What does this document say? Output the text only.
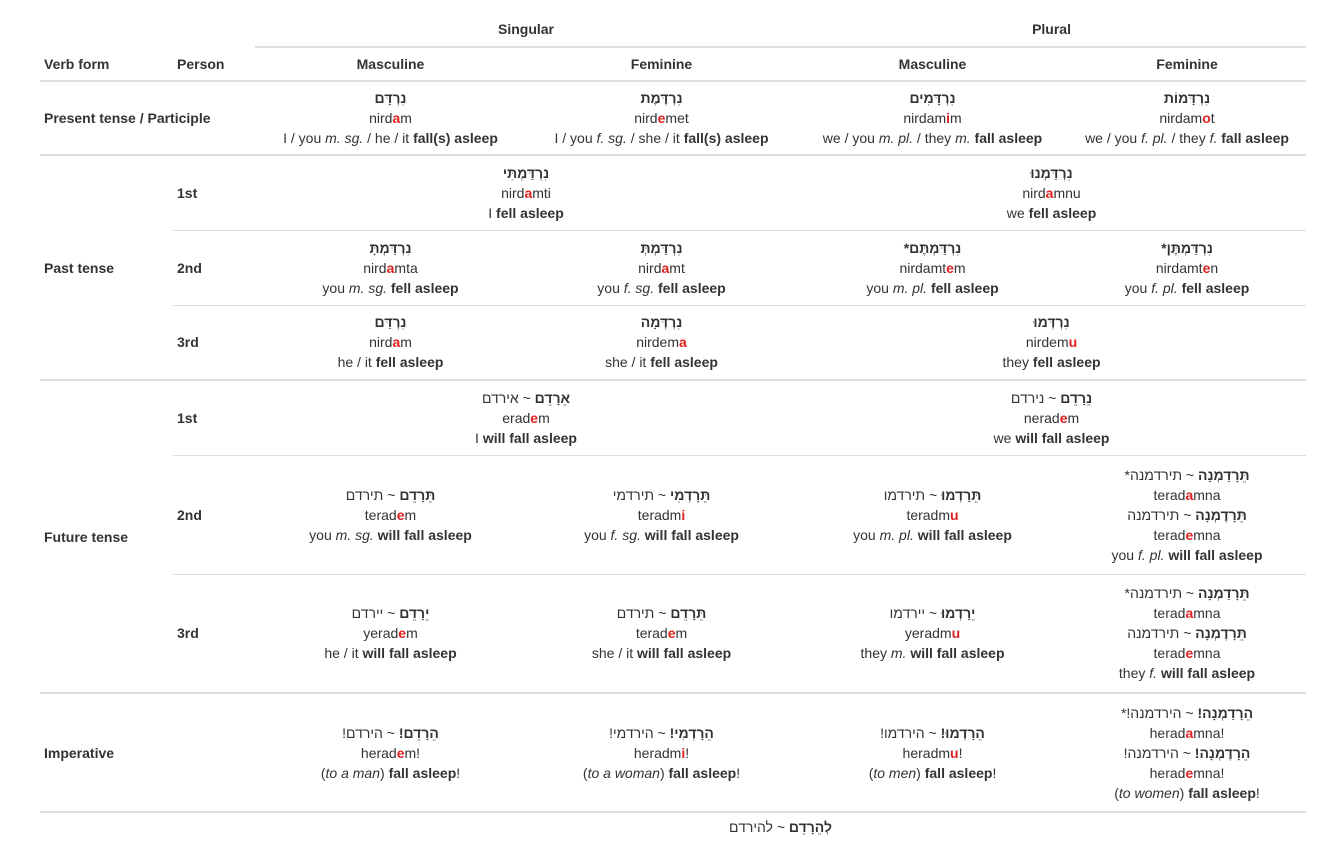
		Singular		Plural	
Verb form	Person	Masculine	Feminine	Masculine	Feminine
Present tense / Participle		נִרְדָּם
nirdam
I / you m. sg. / he / it fall(s) asleep	נִרְדֶּמֶת
nirdemet
I / you f. sg. / she / it fall(s) asleep	נִרְדָּמִים
nirdamim
we / you m. pl. / they m. fall asleep	נִרְדָּמוֹת
nirdamot
we / you f. pl. / they f. fall asleep

Past tense	1st	נִרְדַּמְתִּי
nirdamti
I fell asleep		נִרְדַּמְנוּ
nirdamnu
we fell asleep	

	2nd	נִרְדַּמְתָּ
nirdamta
you m. sg. fell asleep	נִרְדַּמְתְּ
nirdamt
you f. sg. fell asleep	נִרְדַּמְתֶּם*
nirdamtem
you m. pl. fell asleep	נִרְדַּמְתֶּן*
nirdamten
you f. pl. fell asleep

	3rd	נִרְדַּם
nirdam
he / it fell asleep	נִרְדְּמָה
nirdema
she / it fell asleep	נִרְדְּמוּ
nirdemu
they fell asleep	

Future tense	1st	אֵרָדֵם ~ אירדם
eradem
I will fall asleep		נֵרָדֵם ~ נירדם
neradem
we will fall asleep	

	2nd	תֵּרָדֵם ~ תירדם
teradem
you m. sg. will fall asleep	תֵּרָדְמִי ~ תירדמי
teradmi
you f. sg. will fall asleep	תֵּרָדְמוּ ~ תירדמו
teradmu
you m. pl. will fall asleep	תֵּרָדַמְנָה ~ תירדמנה*
teradamna
תֵּרָדֶמְנָה ~ תירדמנה
terademna
you f. pl. will fall asleep

	3rd	יֵרָדֵם ~ יירדם
yeradem
he / it will fall asleep	תֵּרָדֵם ~ תירדם
teradem
she / it will fall asleep	יֵרָדְמוּ ~ יירדמו
yeradmu
they m. will fall asleep	תֵּרָדַמְנָה ~ תירדמנה*
teradamna
תֵּרָדֶמְנָה ~ תירדמנה
terademna
they f. will fall asleep

Imperative		הֵרָדֵם! ~ הירדם!
heradem!
(to a man) fall asleep!	הֵרָדְמִי! ~ הירדמי!
heradmi!
(to a woman) fall asleep!	הֵרָדְמוּ! ~ הירדמו!
heradmu!
(to men) fall asleep!	הֵרָדַמְנָה! ~ הירדמנה!*
heradamna!
הֵרָדֶמְנָה! ~ הירדמנה!
herademna!
(to women) fall asleep!

		לְהֵרָדֵם ~ להירדם			
